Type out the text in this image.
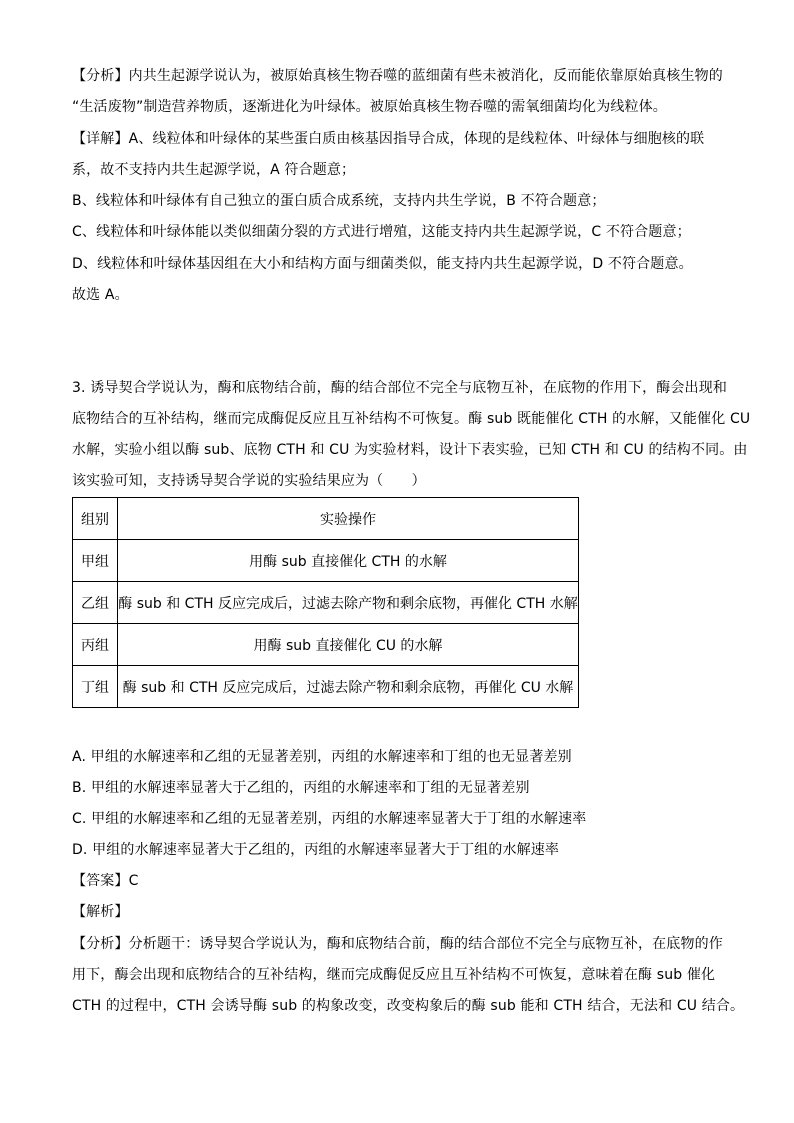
【分析】内共生起源学说认为，被原始真核生物吞噬的蓝细菌有些未被消化，反而能依靠原始真核生物的
“生活废物”制造营养物质，逐渐进化为叶绿体。被原始真核生物吞噬的需氧细菌均化为线粒体。
【详解】A、线粒体和叶绿体的某些蛋白质由核基因指导合成，体现的是线粒体、叶绿体与细胞核的联
系，故不支持内共生起源学说，A 符合题意；
B、线粒体和叶绿体有自己独立的蛋白质合成系统，支持内共生学说，B 不符合题意；
C、线粒体和叶绿体能以类似细菌分裂的方式进行增殖，这能支持内共生起源学说，C 不符合题意；
D、线粒体和叶绿体基因组在大小和结构方面与细菌类似，能支持内共生起源学说，D 不符合题意。
故选 A。
3. 诱导契合学说认为，酶和底物结合前，酶的结合部位不完全与底物互补，在底物的作用下，酶会出现和
底物结合的互补结构，继而完成酶促反应且互补结构不可恢复。酶 sub 既能催化 CTH 的水解，又能催化 CU
水解，实验小组以酶 sub、底物 CTH 和 CU 为实验材料，设计下表实验，已知 CTH 和 CU 的结构不同。由
该实验可知，支持诱导契合学说的实验结果应为（　　）
组别	实验操作
甲组	用酶 sub 直接催化 CTH 的水解
乙组	酶 sub 和 CTH 反应完成后，过滤去除产物和剩余底物，再催化 CTH 水解
丙组	用酶 sub 直接催化 CU 的水解
丁组	酶 sub 和 CTH 反应完成后，过滤去除产物和剩余底物，再催化 CU 水解
A. 甲组的水解速率和乙组的无显著差别，丙组的水解速率和丁组的也无显著差别
B. 甲组的水解速率显著大于乙组的，丙组的水解速率和丁组的无显著差别
C. 甲组的水解速率和乙组的无显著差别，丙组的水解速率显著大于丁组的水解速率
D. 甲组的水解速率显著大于乙组的，丙组的水解速率显著大于丁组的水解速率
【答案】C
【解析】
【分析】分析题干：诱导契合学说认为，酶和底物结合前，酶的结合部位不完全与底物互补，在底物的作
用下，酶会出现和底物结合的互补结构，继而完成酶促反应且互补结构不可恢复，意味着在酶 sub 催化
CTH 的过程中，CTH 会诱导酶 sub 的构象改变，改变构象后的酶 sub 能和 CTH 结合，无法和 CU 结合。
